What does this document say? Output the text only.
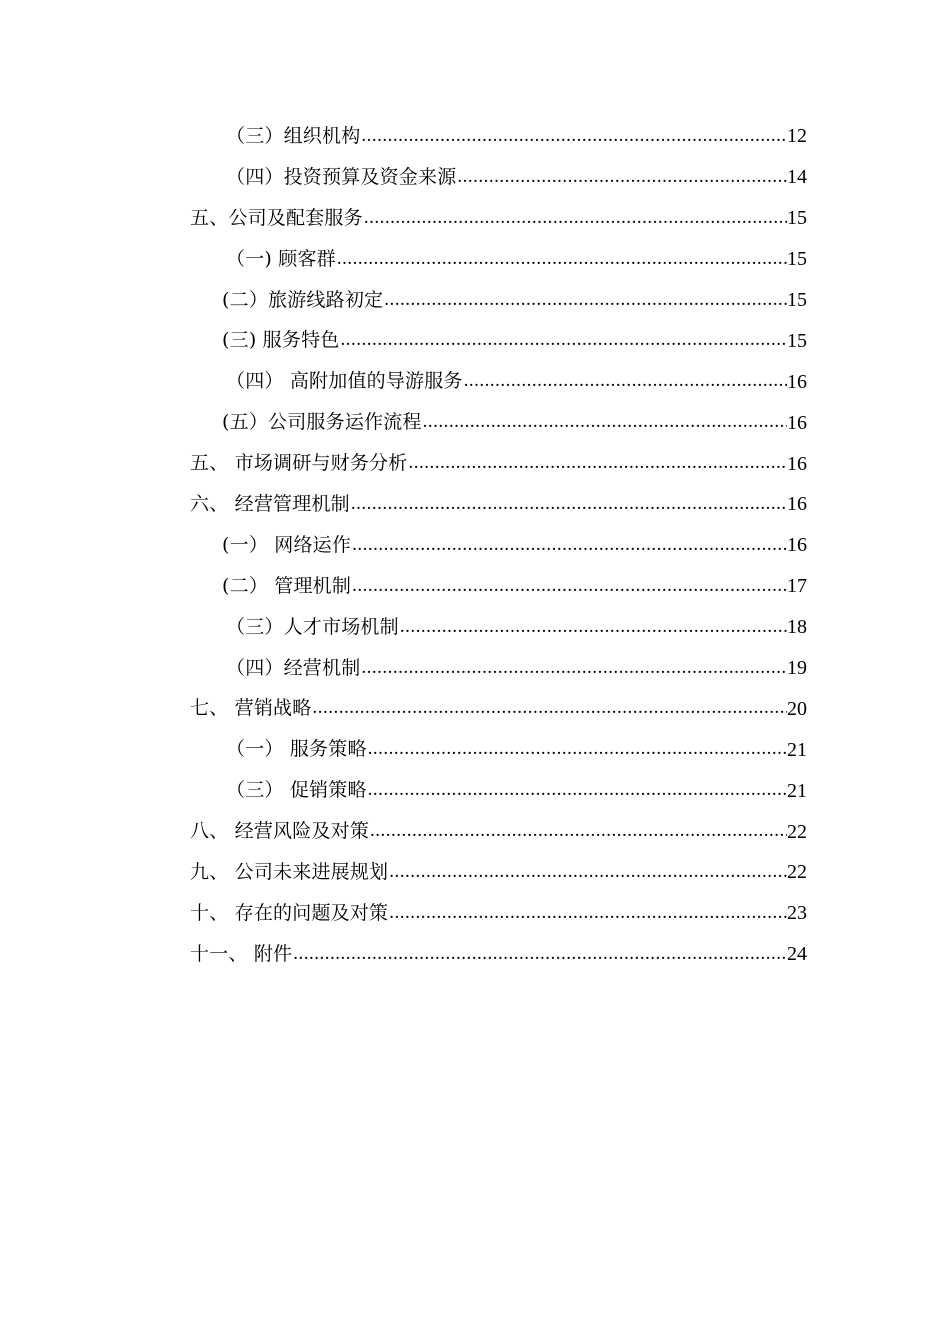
（三）组织机构 .....	12
（四）投资预算及资金来源 .....	14
五、公司及配套服务 .....	15
（一) 顾客群 .....	15
(二）旅游线路初定 .....	15
(三) 服务特色 .....	15
（四） 高附加值的导游服务 .....	16
(五）公司服务运作流程 .....	16
五、 市场调研与财务分析 .....	16
六、 经营管理机制 .....	16
(一） 网络运作 .....	16
(二） 管理机制 .....	17
（三）人才市场机制 .....	18
（四）经营机制 .....	19
七、 营销战略 .....	20
（一） 服务策略 .....	21
（三） 促销策略 .....	21
八、 经营风险及对策 .....	22
九、 公司未来进展规划 .....	22
十、 存在的问题及对策 .....	23
十一、 附件 .....	24
